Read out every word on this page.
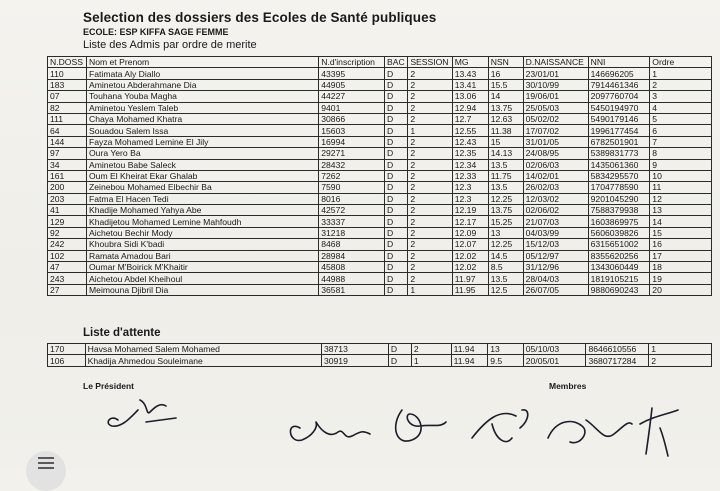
Selection des dossiers des Ecoles de Santé publiques
ECOLE: ESP KIFFA SAGE FEMME
Liste des Admis par ordre de merite
N.DOSS	Nom et Prenom	N.d'inscription	BAC	SESSION	MG	NSN	D.NAISSANCE	NNI	Ordre
110	Fatimata Aly Diallo	43395	D	2	13.43	16	23/01/01	146696205	1
183	Aminetou Abderahmane Dia	44905	D	2	13.41	15.5	30/10/99	7914461346	2
07	Touhana Youba Magha	44227	D	2	13.06	14	19/06/01	2097760704	3
82	Aminetou Yeslem Taleb	9401	D	2	12.94	13.75	25/05/03	5450194970	4
111	Chaya Mohamed Khatra	30866	D	2	12.7	12.63	05/02/02	5490179146	5
64	Souadou Salem Issa	15603	D	1	12.55	11.38	17/07/02	1996177454	6
144	Fayza Mohamed Lemine El Jily	16994	D	2	12.43	15	31/01/05	6782501901	7
97	Oura Yero Ba	29271	D	2	12.35	14.13	24/08/95	5389831773	8
34	Aminetou Babe Saleck	28432	D	2	12.34	13.5	02/06/03	1435061360	9
161	Oum El Kheirat Ekar Ghalab	7262	D	2	12.33	11.75	14/02/01	5834295570	10
200	Zeinebou Mohamed Elbechir Ba	7590	D	2	12.3	13.5	26/02/03	1704778590	11
203	Fatma El Hacen Tedi	8016	D	2	12.3	12.25	12/03/02	9201045290	12
41	Khadije Mohamed Yahya Abe	42572	D	2	12.19	13.75	02/06/02	7588379938	13
129	Khadijetou Mohamed Lemine Mahfoudh	33337	D	2	12.17	15.25	21/07/03	1603869975	14
92	Aichetou Bechir Mody	31218	D	2	12.09	13	04/03/99	5606039826	15
242	Khoubra Sidi K'badi	8468	D	2	12.07	12.25	15/12/03	6315651002	16
102	Ramata Amadou Bari	28984	D	2	12.02	14.5	05/12/97	8355620256	17
47	Oumar M'Boirick M'Khaitir	45808	D	2	12.02	8.5	31/12/96	1343060449	18
243	Aichetou Abdel Kheihoul	44988	D	2	11.97	13.5	28/04/03	1819105215	19
27	Meimouna Djibril Dia	36581	D	1	11.95	12.5	26/07/05	9880690243	20
Liste d'attente
170	Havsa Mohamed Salem Mohamed	38713	D	2	11.94	13	05/10/03	8646610556	1
106	Khadija Ahmedou Souleimane	30919	D	1	11.94	9.5	20/05/01	3680717284	2
Le Président	Membres
